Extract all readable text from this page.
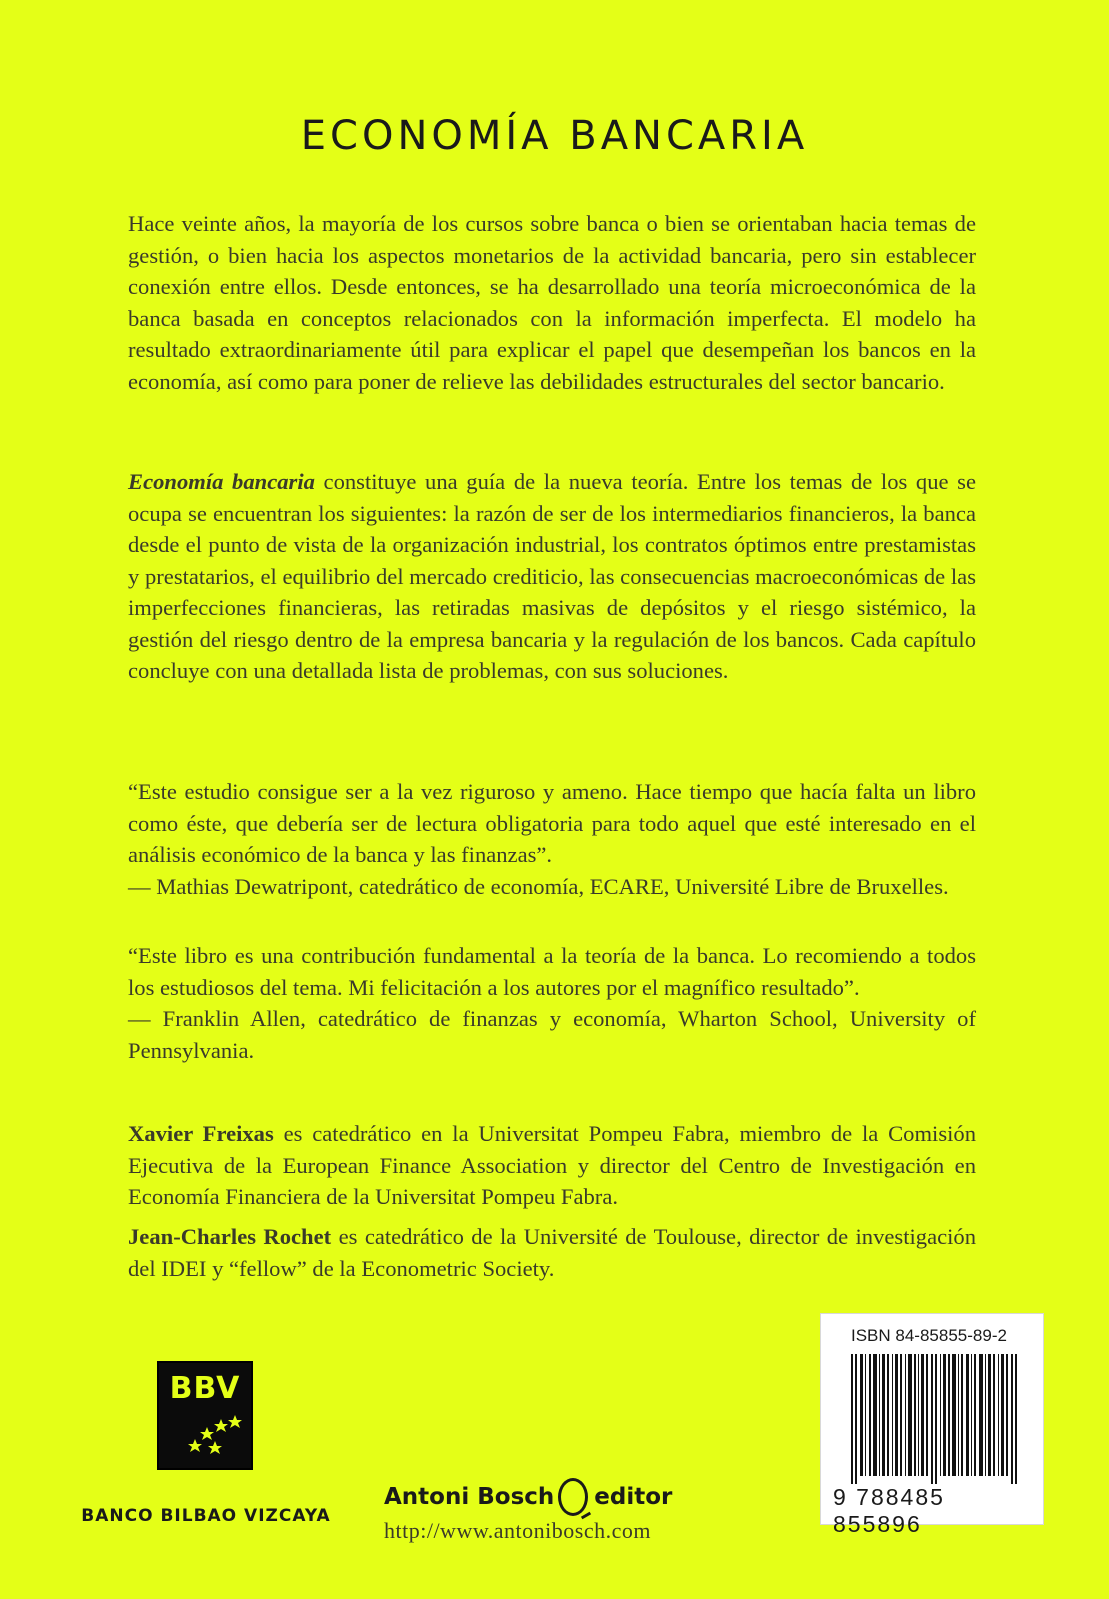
ECONOMÍA BANCARIA

Hace veinte años, la mayoría de los cursos sobre banca o bien se orientaban hacia temas de gestión, o bien hacia los aspectos monetarios de la actividad bancaria, pero sin establecer conexión entre ellos. Desde entonces, se ha desarrollado una teoría microeconómica de la banca basada en conceptos relacionados con la información imperfecta. El modelo ha resultado extraordinariamente útil para explicar el papel que desempeñan los bancos en la economía, así como para poner de relieve las debilidades estructurales del sector bancario.

Economía bancaria constituye una guía de la nueva teoría. Entre los temas de los que se ocupa se encuentran los siguientes: la razón de ser de los intermediarios financieros, la banca desde el punto de vista de la organización industrial, los contratos óptimos entre prestamistas y prestatarios, el equilibrio del mercado crediticio, las consecuencias macroeconómicas de las imperfecciones financieras, las retiradas masivas de depósitos y el riesgo sistémico, la gestión del riesgo dentro de la empresa bancaria y la regulación de los bancos. Cada capítulo concluye con una detallada lista de problemas, con sus soluciones.

“Este estudio consigue ser a la vez riguroso y ameno. Hace tiempo que hacía falta un libro como éste, que debería ser de lectura obligatoria para todo aquel que esté interesado en el análisis económico de la banca y las finanzas”.

— Mathias Dewatripont, catedrático de economía, ECARE, Université Libre de Bruxelles.

“Este libro es una contribución fundamental a la teoría de la banca. Lo recomiendo a todos los estudiosos del tema. Mi felicitación a los autores por el magnífico resultado”.

— Franklin Allen, catedrático de finanzas y economía, Wharton School, University of Pennsylvania.

Xavier Freixas es catedrático en la Universitat Pompeu Fabra, miembro de la Comisión Ejecutiva de la European Finance Association y director del Centro de Investigación en Economía Financiera de la Universitat Pompeu Fabra.

Jean-Charles Rochet es catedrático de la Université de Toulouse, director de investigación del IDEI y “fellow” de la Econometric Society.

BBV
BANCO BILBAO VIZCAYA
Antoni Bosch editor
http://www.antonibosch.com
ISBN 84-85855-89-2
9 788485 855896
